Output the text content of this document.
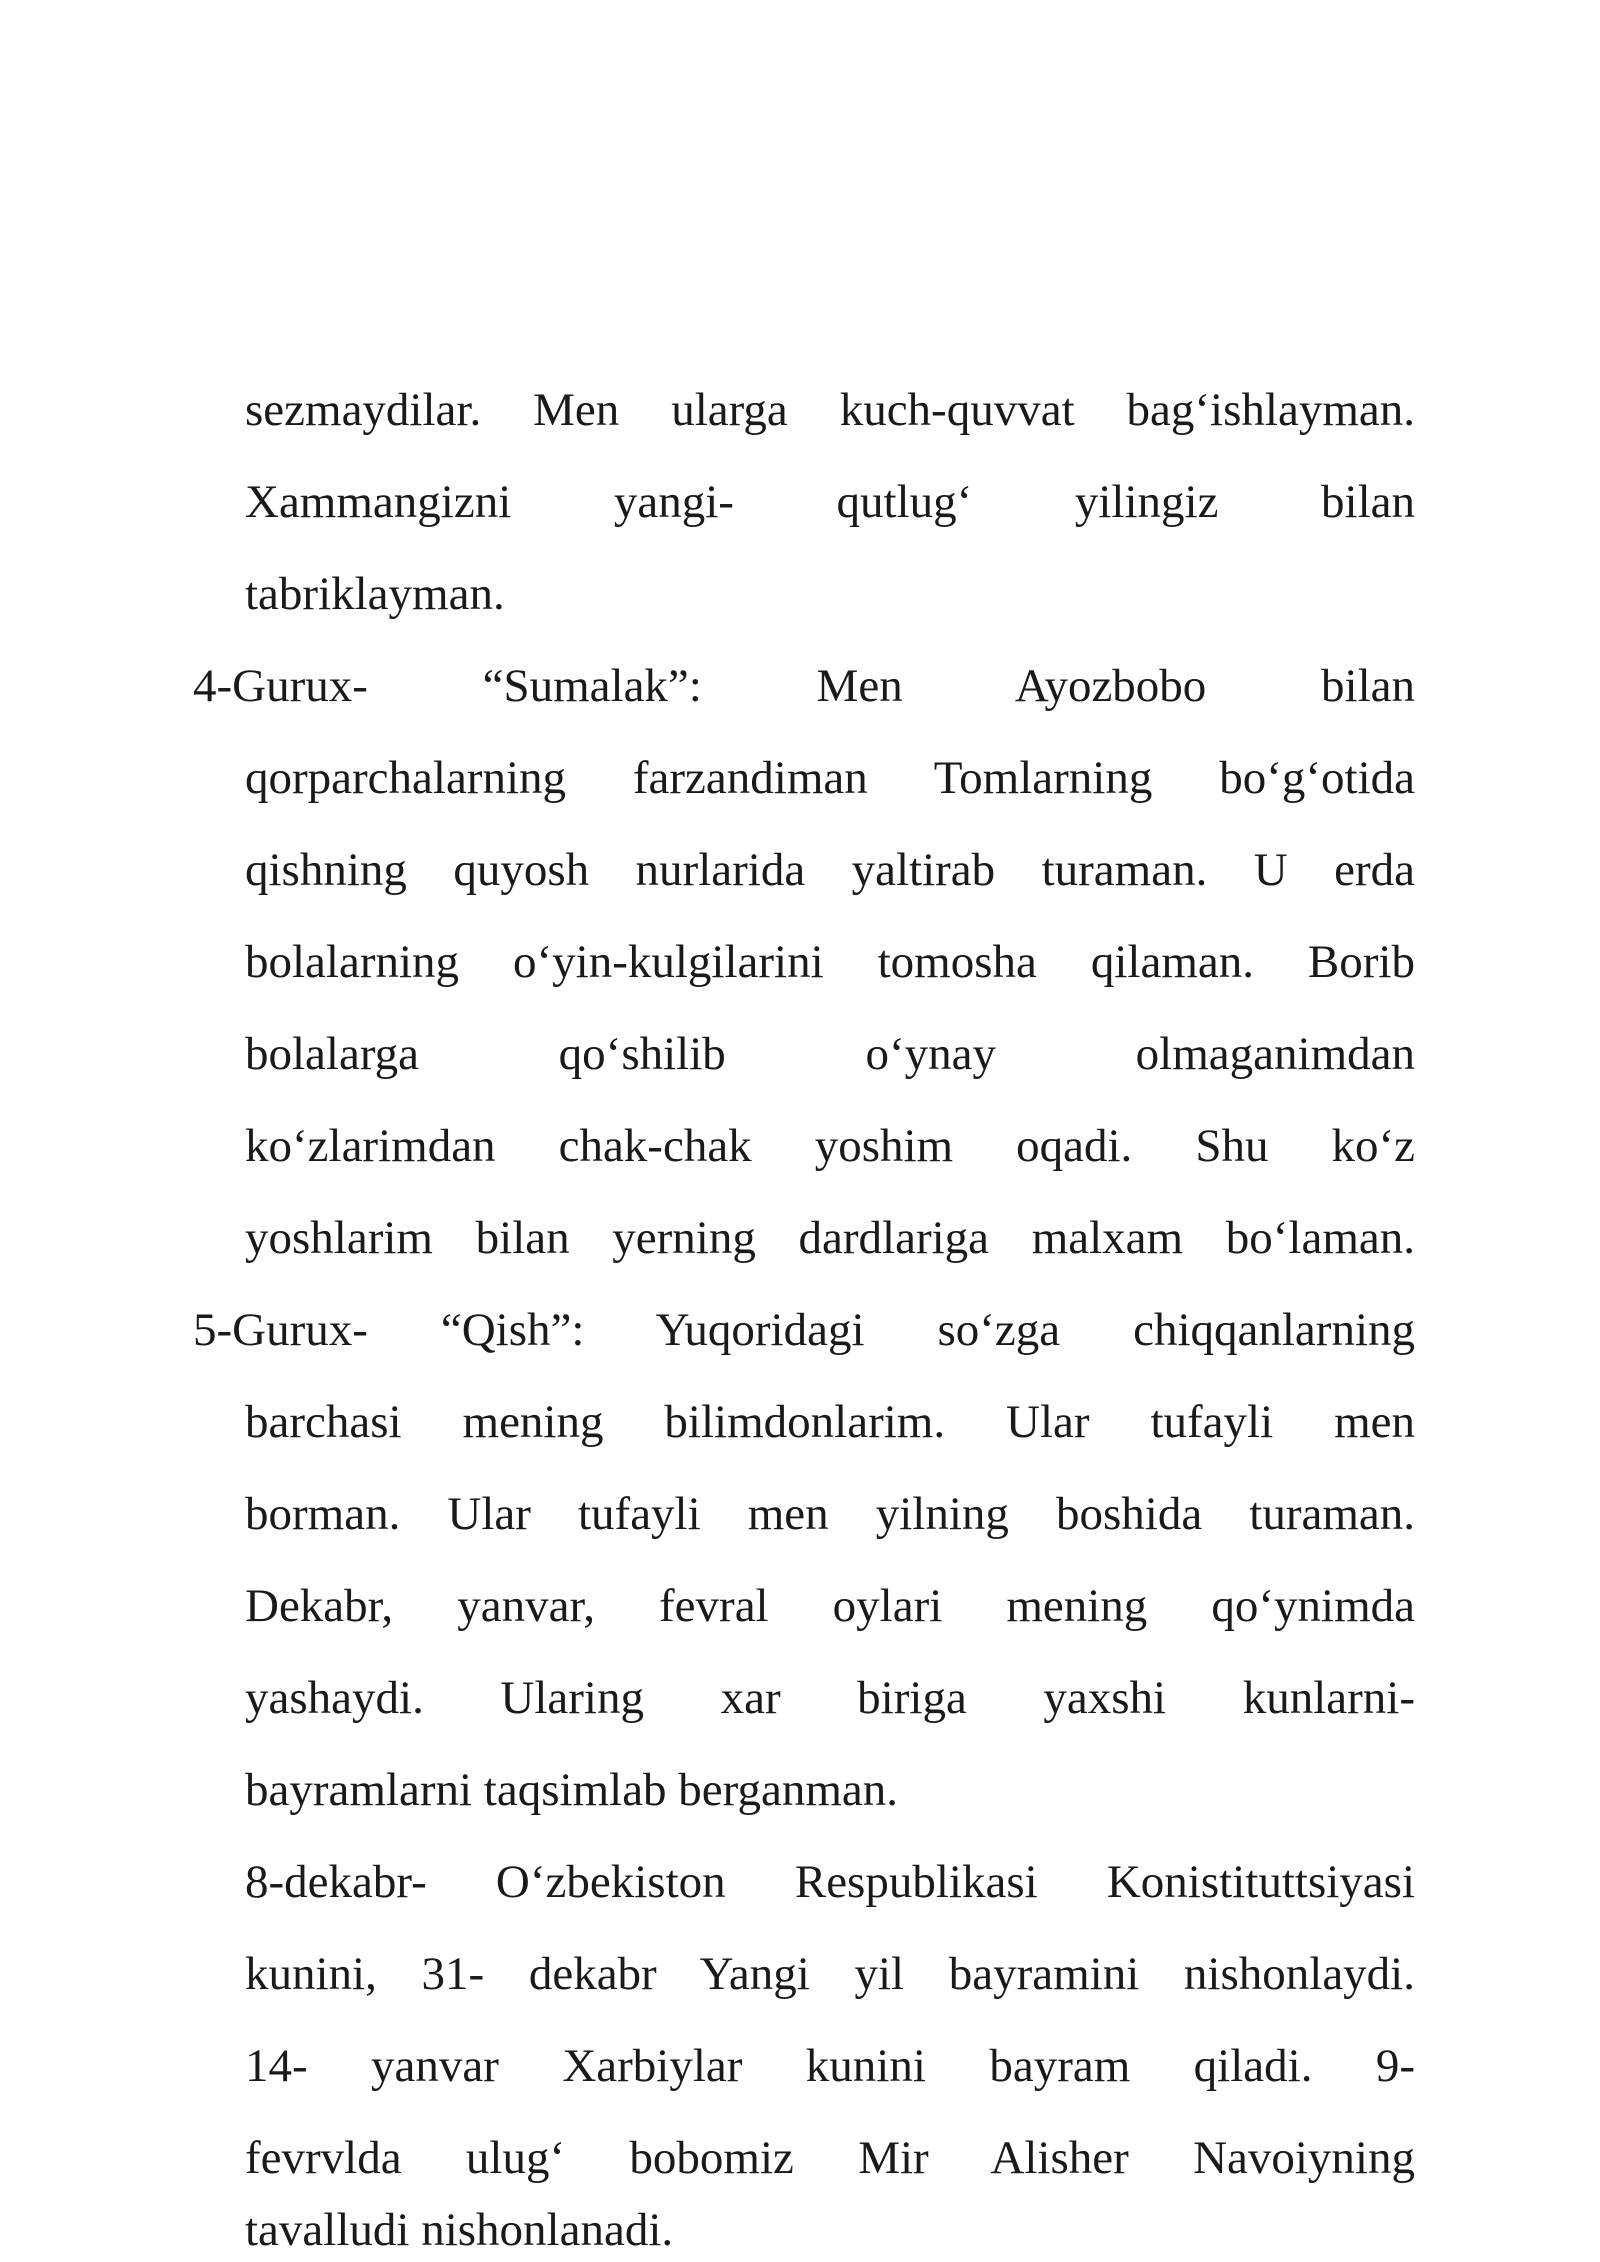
sezmaydilar. Men ularga kuch-quvvat bag‘ishlayman.
Xammangizni yangi- qutlug‘ yilingiz bilan
tabriklayman.
4-Gurux- “Sumalak”: Men Ayozbobo bilan
qorparchalarning farzandiman Tomlarning bo‘g‘otida
qishning quyosh nurlarida yaltirab turaman. U erda
bolalarning o‘yin-kulgilarini tomosha qilaman. Borib
bolalarga qo‘shilib o‘ynay olmaganimdan
ko‘zlarimdan chak-chak yoshim oqadi. Shu ko‘z
yoshlarim bilan yerning dardlariga malxam bo‘laman.
5-Gurux- “Qish”: Yuqoridagi so‘zga chiqqanlarning
barchasi mening bilimdonlarim. Ular tufayli men
borman. Ular tufayli men yilning boshida turaman.
Dekabr, yanvar, fevral oylari mening qo‘ynimda
yashaydi. Ularing xar biriga yaxshi kunlarni-
bayramlarni taqsimlab berganman.
8-dekabr- O‘zbekiston Respublikasi Konistituttsiyasi
kunini, 31- dekabr Yangi yil bayramini nishonlaydi.
14- yanvar Xarbiylar kunini bayram qiladi. 9-
fevrvlda ulug‘ bobomiz Mir Alisher Navoiyning
tavalludi nishonlanadi.
